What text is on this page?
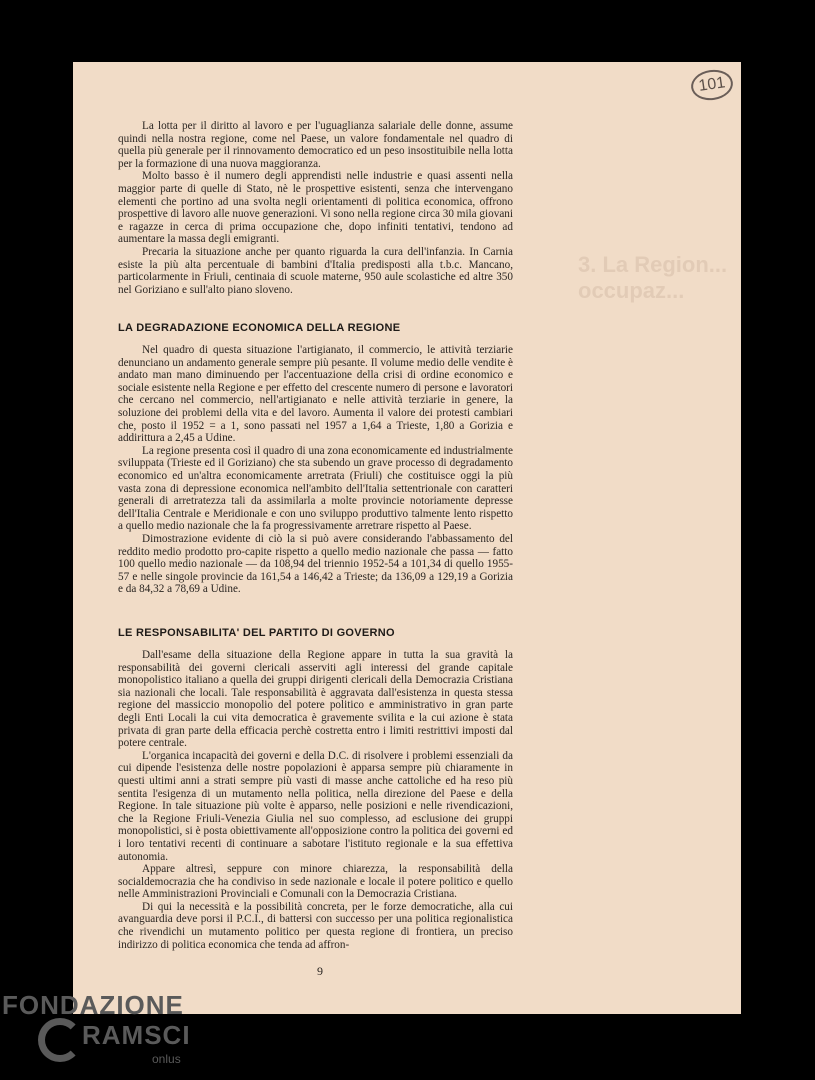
101
3. La Region...
occupaz...

La lotta per il diritto al lavoro e per l'uguaglianza salariale delle donne, assume quindi nella nostra regione, come nel Paese, un valore fondamentale nel quadro di quella più generale per il rinnovamento democratico ed un peso insostituibile nella lotta per la formazione di una nuova maggioranza.

Molto basso è il numero degli apprendisti nelle industrie e quasi assenti nella maggior parte di quelle di Stato, nè le prospettive esistenti, senza che intervengano elementi che portino ad una svolta negli orientamenti di politica economica, offrono prospettive di lavoro alle nuove generazioni. Vi sono nella regione circa 30 mila giovani e ragazze in cerca di prima occupazione che, dopo infiniti tentativi, tendono ad aumentare la massa degli emigranti.

Precaria la situazione anche per quanto riguarda la cura dell'infanzia. In Carnia esiste la più alta percentuale di bambini d'Italia predisposti alla t.b.c. Mancano, particolarmente in Friuli, centinaia di scuole materne, 950 aule scolastiche ed altre 350 nel Goriziano e sull'alto piano sloveno.

LA DEGRADAZIONE ECONOMICA DELLA REGIONE

Nel quadro di questa situazione l'artigianato, il commercio, le attività terziarie denunciano un andamento generale sempre più pesante. Il volume medio delle vendite è andato man mano diminuendo per l'accentuazione della crisi di ordine economico e sociale esistente nella Regione e per effetto del crescente numero di persone e lavoratori che cercano nel commercio, nell'artigianato e nelle attività terziarie in genere, la soluzione dei problemi della vita e del lavoro. Aumenta il valore dei protesti cambiari che, posto il 1952 = a 1, sono passati nel 1957 a 1,64 a Trieste, 1,80 a Gorizia e addirittura a 2,45 a Udine.

La regione presenta così il quadro di una zona economicamente ed industrialmente sviluppata (Trieste ed il Goriziano) che sta subendo un grave processo di degradamento economico ed un'altra economicamente arretrata (Friuli) che costituisce oggi la più vasta zona di depressione economica nell'ambito dell'Italia settentrionale con caratteri generali di arretratezza tali da assimilarla a molte provincie notoriamente depresse dell'Italia Centrale e Meridionale e con uno sviluppo produttivo talmente lento rispetto a quello medio nazionale che la fa progressivamente arretrare rispetto al Paese.

Dimostrazione evidente di ciò la si può avere considerando l'abbassamento del reddito medio prodotto pro-capite rispetto a quello medio nazionale che passa — fatto 100 quello medio nazionale — da 108,94 del triennio 1952-54 a 101,34 di quello 1955-57 e nelle singole provincie da 161,54 a 146,42 a Trieste; da 136,09 a 129,19 a Gorizia e da 84,32 a 78,69 a Udine.

LE RESPONSABILITA' DEL PARTITO DI GOVERNO

Dall'esame della situazione della Regione appare in tutta la sua gravità la responsabilità dei governi clericali asserviti agli interessi del grande capitale monopolistico italiano a quella dei gruppi dirigenti clericali della Democrazia Cristiana sia nazionali che locali. Tale responsabilità è aggravata dall'esistenza in questa stessa regione del massiccio monopolio del potere politico e amministrativo in gran parte degli Enti Locali la cui vita democratica è gravemente svilita e la cui azione è stata privata di gran parte della efficacia perchè costretta entro i limiti restrittivi imposti dal potere centrale.

L'organica incapacità dei governi e della D.C. di risolvere i problemi essenziali da cui dipende l'esistenza delle nostre popolazioni è apparsa sempre più chiaramente in questi ultimi anni a strati sempre più vasti di masse anche cattoliche ed ha reso più sentita l'esigenza di un mutamento nella politica, nella direzione del Paese e della Regione. In tale situazione più volte è apparso, nelle posizioni e nelle rivendicazioni, che la Regione Friuli-Venezia Giulia nel suo complesso, ad esclusione dei gruppi monopolistici, si è posta obiettivamente all'opposizione contro la politica dei governi ed i loro tentativi recenti di continuare a sabotare l'istituto regionale e la sua effettiva autonomia.

Appare altresì, seppure con minore chiarezza, la responsabilità della socialdemocrazia che ha condiviso in sede nazionale e locale il potere politico e quello nelle Amministrazioni Provinciali e Comunali con la Democrazia Cristiana.

Di qui la necessità e la possibilità concreta, per le forze democratiche, alla cui avanguardia deve porsi il P.C.I., di battersi con successo per una politica regionalistica che rivendichi un mutamento politico per questa regione di frontiera, un preciso indirizzo di politica economica che tenda ad affron-

9
FONDAZIONE
RAMSCI
onlus
